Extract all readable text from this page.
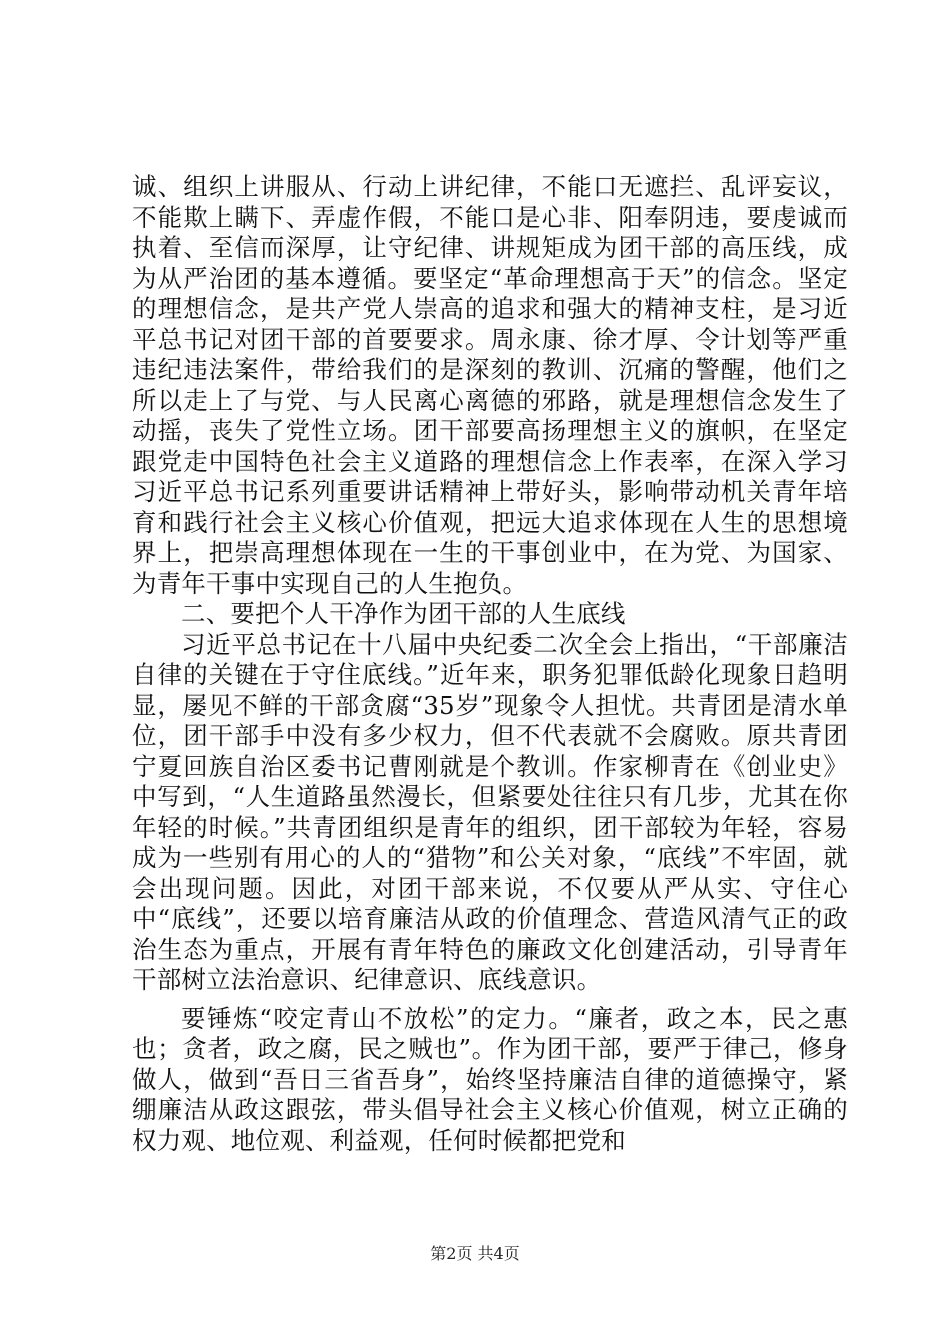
诚、组织上讲服从、行动上讲纪律，不能口无遮拦、乱评妄议，不能欺上瞒下、弄虚作假，不能口是心非、阳奉阴违，要虔诚而执着、至信而深厚，让守纪律、讲规矩成为团干部的高压线，成为从严治团的基本遵循。要坚定“革命理想高于天”的信念。坚定的理想信念，是共产党人崇高的追求和强大的精神支柱，是习近平总书记对团干部的首要要求。周永康、徐才厚、令计划等严重违纪违法案件，带给我们的是深刻的教训、沉痛的警醒，他们之所以走上了与党、与人民离心离德的邪路，就是理想信念发生了动摇，丧失了党性立场。团干部要高扬理想主义的旗帜，在坚定跟党走中国特色社会主义道路的理想信念上作表率，在深入学习习近平总书记系列重要讲话精神上带好头，影响带动机关青年培育和践行社会主义核心价值观，把远大追求体现在人生的思想境界上，把崇高理想体现在一生的干事创业中，在为党、为国家、为青年干事中实现自己的人生抱负。

二、要把个人干净作为团干部的人生底线

习近平总书记在十八届中央纪委二次全会上指出，“干部廉洁自律的关键在于守住底线。”近年来，职务犯罪低龄化现象日趋明显，屡见不鲜的干部贪腐“35岁”现象令人担忧。共青团是清水单位，团干部手中没有多少权力，但不代表就不会腐败。原共青团宁夏回族自治区委书记曹刚就是个教训。作家柳青在《创业史》中写到，“人生道路虽然漫长，但紧要处往往只有几步，尤其在你年轻的时候。”共青团组织是青年的组织，团干部较为年轻，容易成为一些别有用心的人的“猎物”和公关对象，“底线”不牢固，就会出现问题。因此，对团干部来说，不仅要从严从实、守住心中“底线”，还要以培育廉洁从政的价值理念、营造风清气正的政治生态为重点，开展有青年特色的廉政文化创建活动，引导青年干部树立法治意识、纪律意识、底线意识。

要锤炼“咬定青山不放松”的定力。“廉者，政之本，民之惠也；贪者，政之腐，民之贼也”。作为团干部，要严于律己，修身做人，做到“吾日三省吾身”，始终坚持廉洁自律的道德操守，紧绷廉洁从政这跟弦，带头倡导社会主义核心价值观，树立正确的权力观、地位观、利益观，任何时候都把党和

第2页 共4页
